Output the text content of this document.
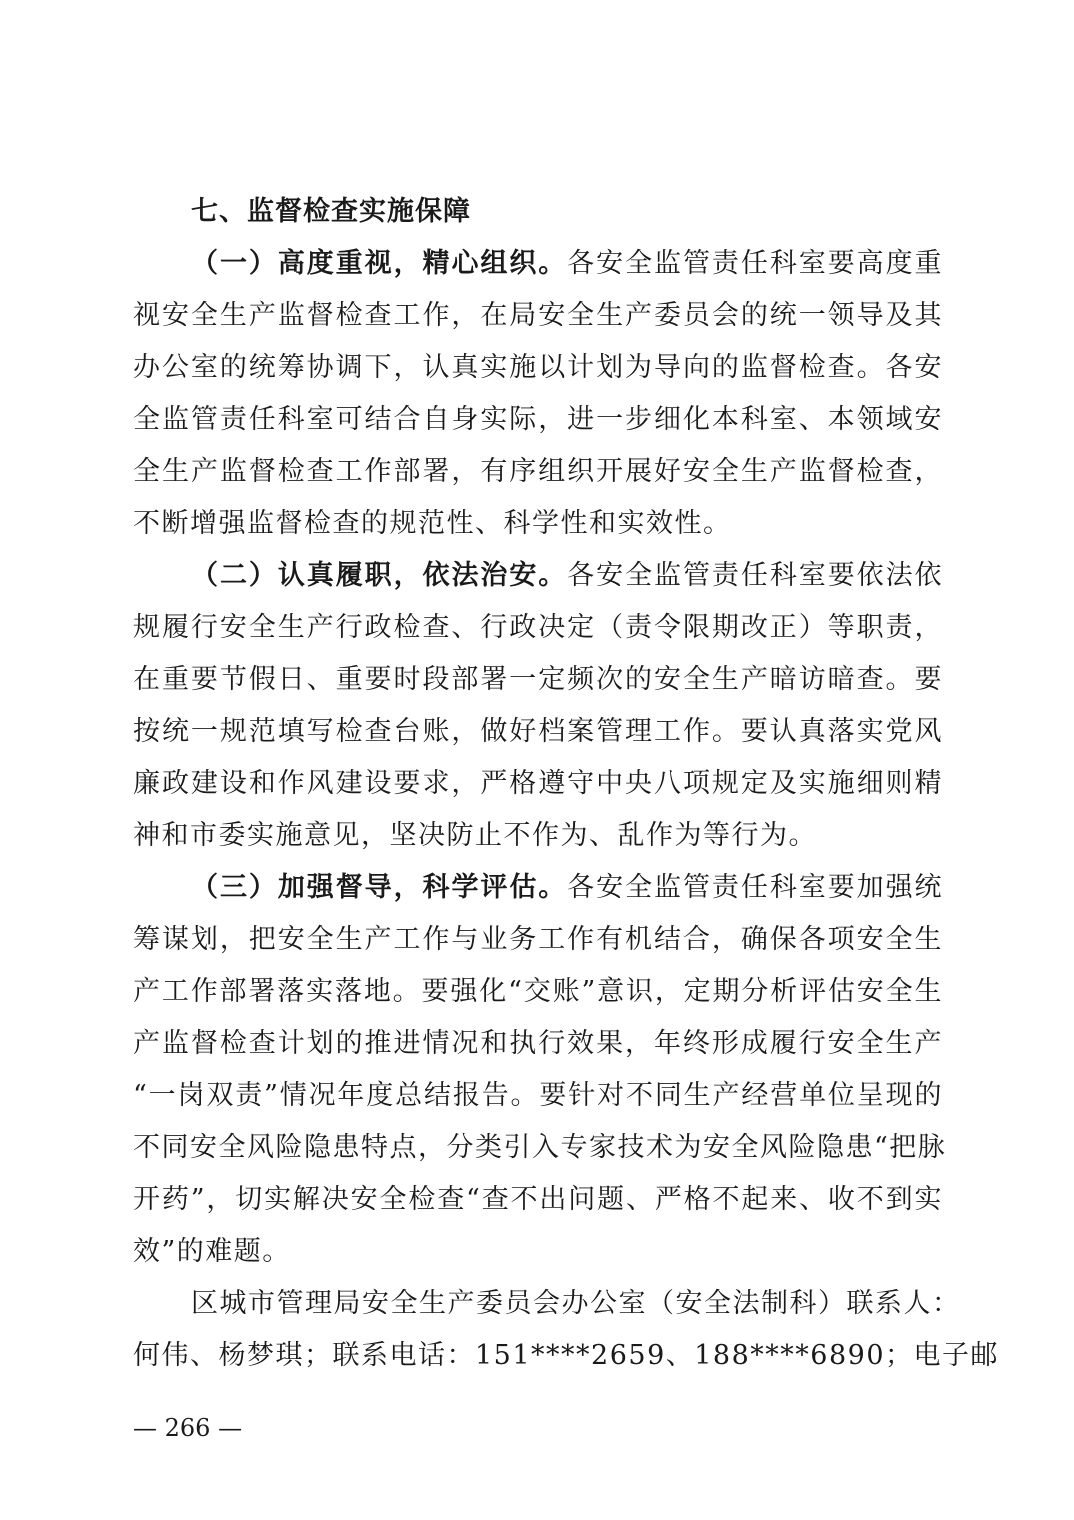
七、监督检查实施保障

（一）高度重视，精心组织。各安全监管责任科室要高度重
视安全生产监督检查工作，在局安全生产委员会的统一领导及其
办公室的统筹协调下，认真实施以计划为导向的监督检查。各安
全监管责任科室可结合自身实际，进一步细化本科室、本领域安
全生产监督检查工作部署，有序组织开展好安全生产监督检查，
不断增强监督检查的规范性、科学性和实效性。

（二）认真履职，依法治安。各安全监管责任科室要依法依
规履行安全生产行政检查、行政决定（责令限期改正）等职责，
在重要节假日、重要时段部署一定频次的安全生产暗访暗查。要
按统一规范填写检查台账，做好档案管理工作。要认真落实党风
廉政建设和作风建设要求，严格遵守中央八项规定及实施细则精
神和市委实施意见，坚决防止不作为、乱作为等行为。

（三）加强督导，科学评估。各安全监管责任科室要加强统
筹谋划，把安全生产工作与业务工作有机结合，确保各项安全生
产工作部署落实落地。要强化“交账”意识，定期分析评估安全生
产监督检查计划的推进情况和执行效果，年终形成履行安全生产
“一岗双责”情况年度总结报告。要针对不同生产经营单位呈现的
不同安全风险隐患特点，分类引入专家技术为安全风险隐患“把脉
开药”，切实解决安全检查“查不出问题、严格不起来、收不到实
效”的难题。

区城市管理局安全生产委员会办公室（安全法制科）联系人：
何伟、杨梦琪；联系电话：151****2659、188****6890；电子邮

— 266 —
